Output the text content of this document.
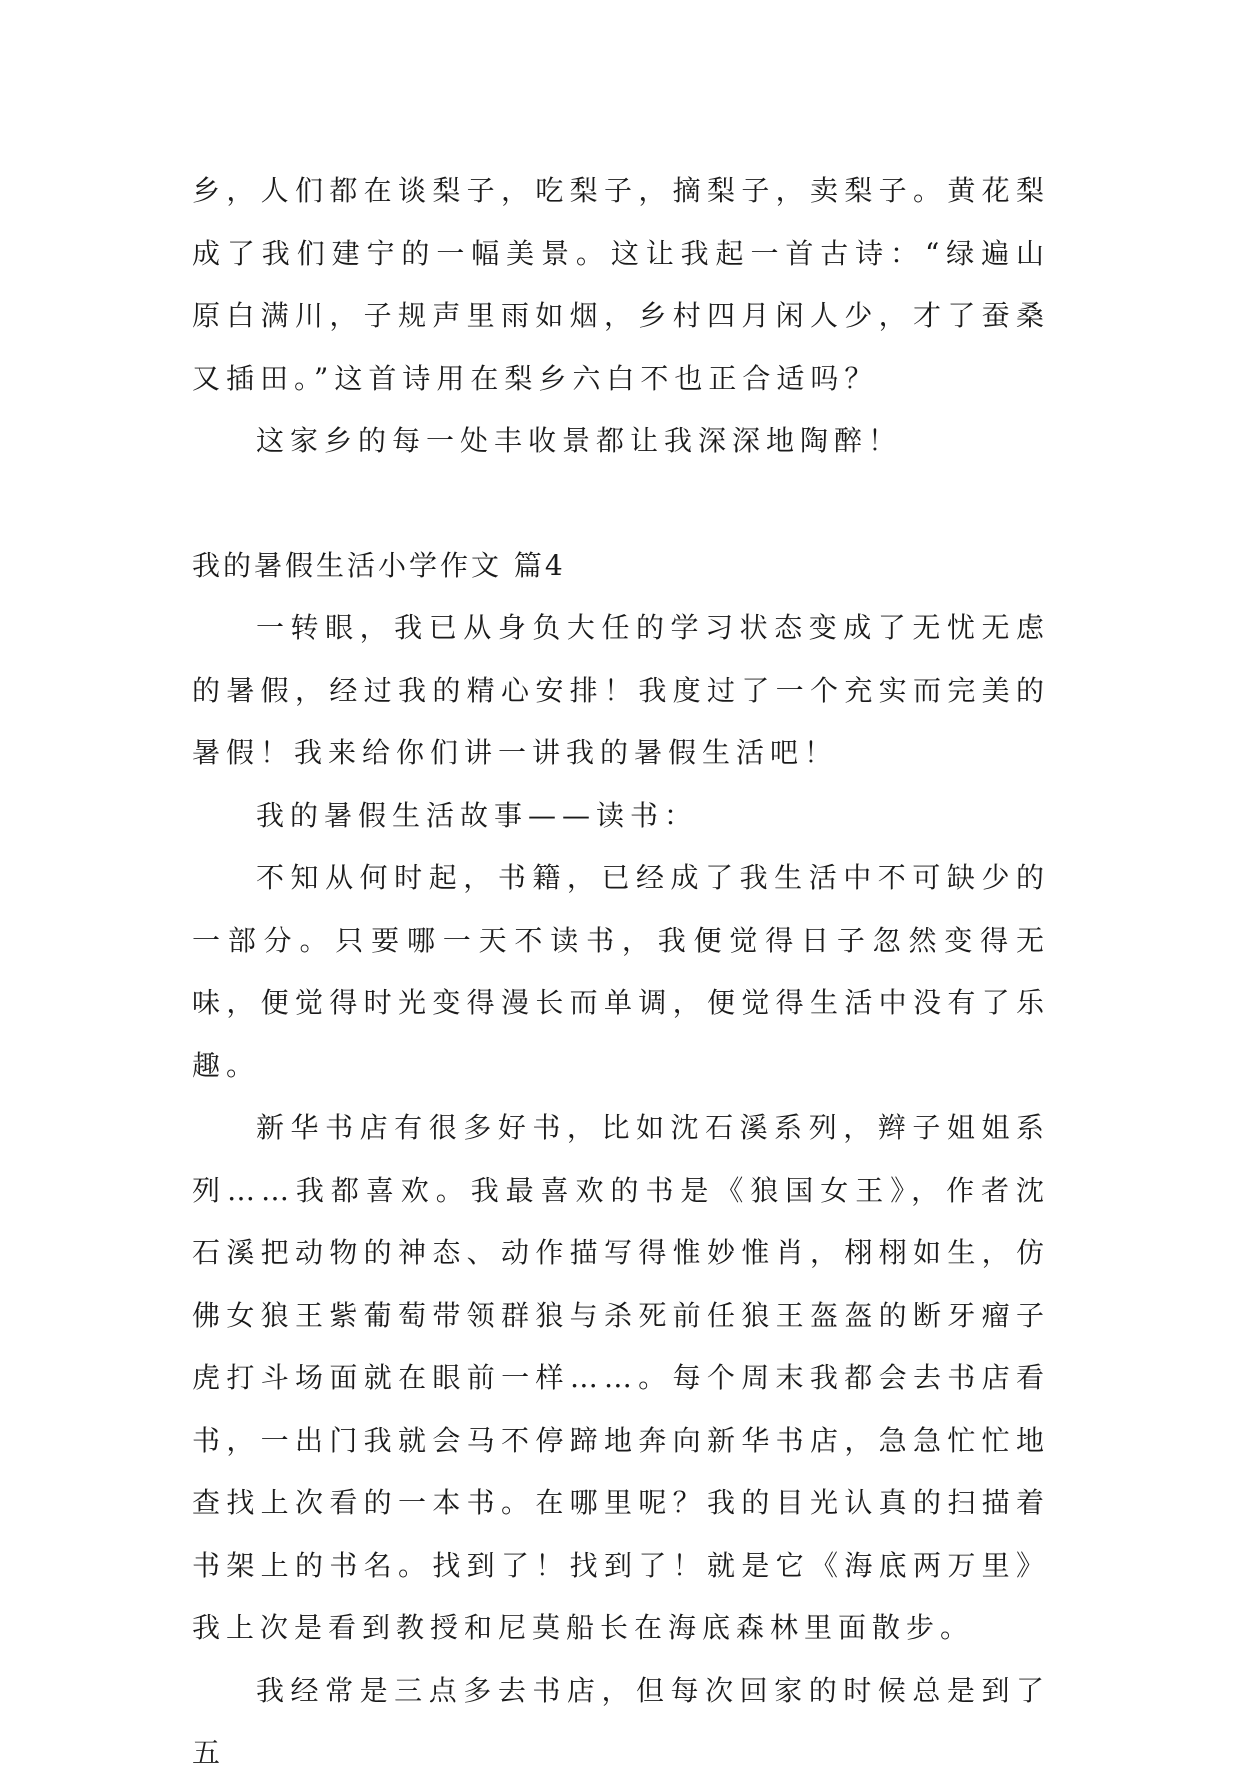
乡，人们都在谈梨子，吃梨子，摘梨子，卖梨子。黄花梨成了我们建宁的一幅美景。这让我起一首古诗：“绿遍山原白满川，子规声里雨如烟，乡村四月闲人少，才了蚕桑又插田。”这首诗用在梨乡六白不也正合适吗？

这家乡的每一处丰收景都让我深深地陶醉！

我的暑假生活小学作文 篇4

一转眼，我已从身负大任的学习状态变成了无忧无虑的暑假，经过我的精心安排！我度过了一个充实而完美的暑假！我来给你们讲一讲我的暑假生活吧！

我的暑假生活故事——读书：

不知从何时起，书籍，已经成了我生活中不可缺少的一部分。只要哪一天不读书，我便觉得日子忽然变得无味，便觉得时光变得漫长而单调，便觉得生活中没有了乐趣。

新华书店有很多好书，比如沈石溪系列，辫子姐姐系列……我都喜欢。我最喜欢的书是《狼国女王》，作者沈石溪把动物的神态、动作描写得惟妙惟肖，栩栩如生，仿佛女狼王紫葡萄带领群狼与杀死前任狼王盔盔的断牙瘤子虎打斗场面就在眼前一样……。每个周末我都会去书店看书，一出门我就会马不停蹄地奔向新华书店，急急忙忙地查找上次看的一本书。在哪里呢？我的目光认真的扫描着书架上的书名。找到了！找到了！就是它《海底两万里》我上次是看到教授和尼莫船长在海底森林里面散步。

我经常是三点多去书店，但每次回家的时候总是到了五
